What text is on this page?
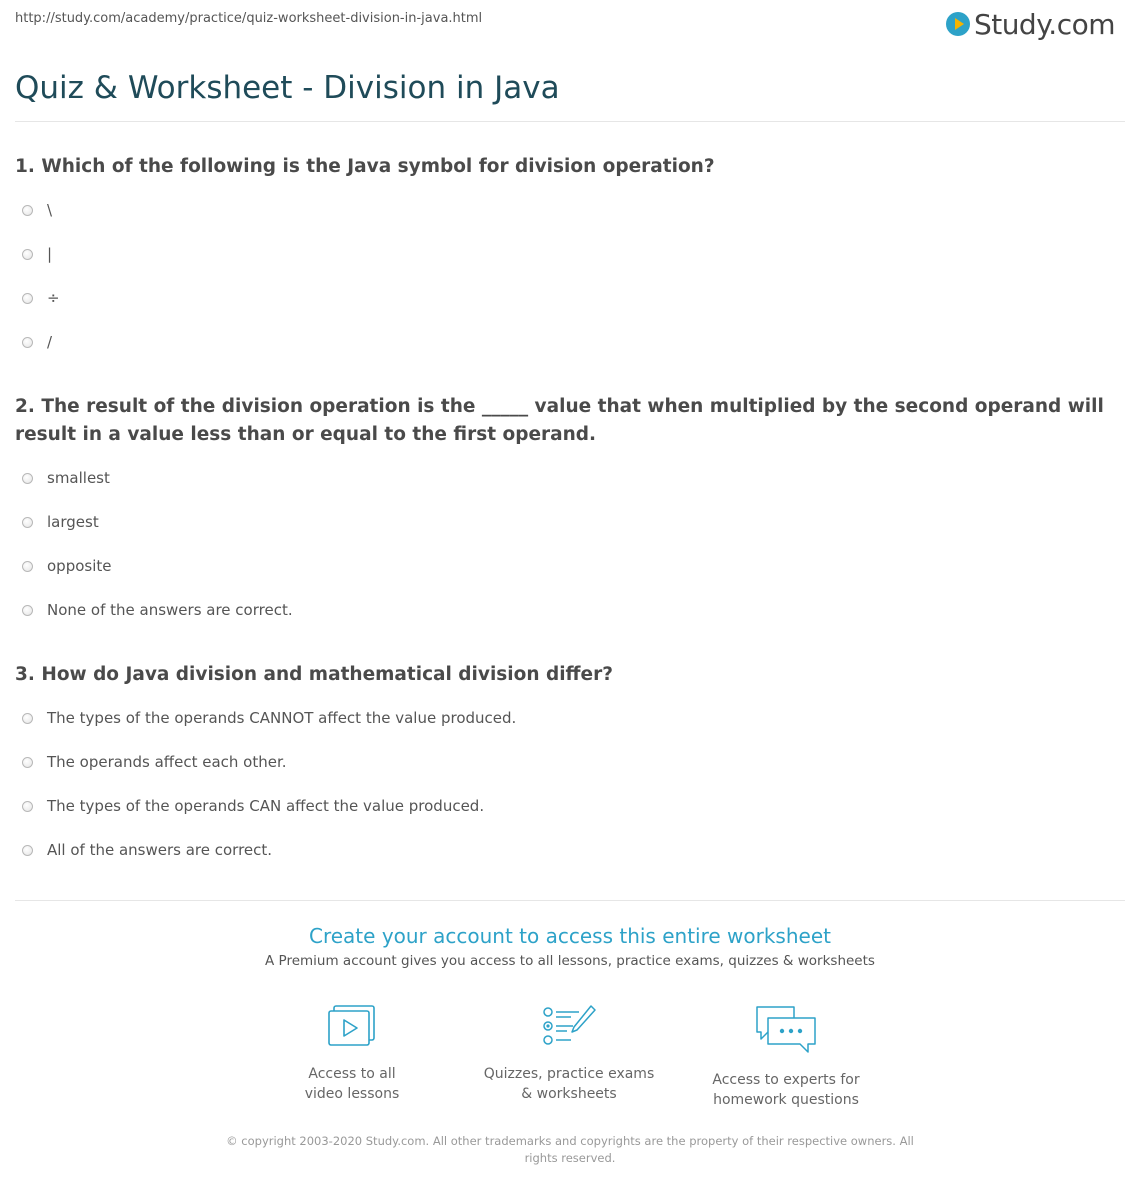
http://study.com/academy/practice/quiz-worksheet-division-in-java.html	Study.com
Quiz & Worksheet - Division in Java
1. Which of the following is the Java symbol for division operation?
\
|
÷
/
2. The result of the division operation is the _____ value that when multiplied by the second operand will result in a value less than or equal to the first operand.
smallest
largest
opposite
None of the answers are correct.
3. How do Java division and mathematical division differ?
The types of the operands CANNOT affect the value produced.
The operands affect each other.
The types of the operands CAN affect the value produced.
All of the answers are correct.
Create your account to access this entire worksheet
A Premium account gives you access to all lessons, practice exams, quizzes & worksheets
Access to all
video lessons
Quizzes, practice exams
& worksheets
Access to experts for
homework questions
© copyright 2003-2020 Study.com. All other trademarks and copyrights are the property of their respective owners. All rights reserved.
